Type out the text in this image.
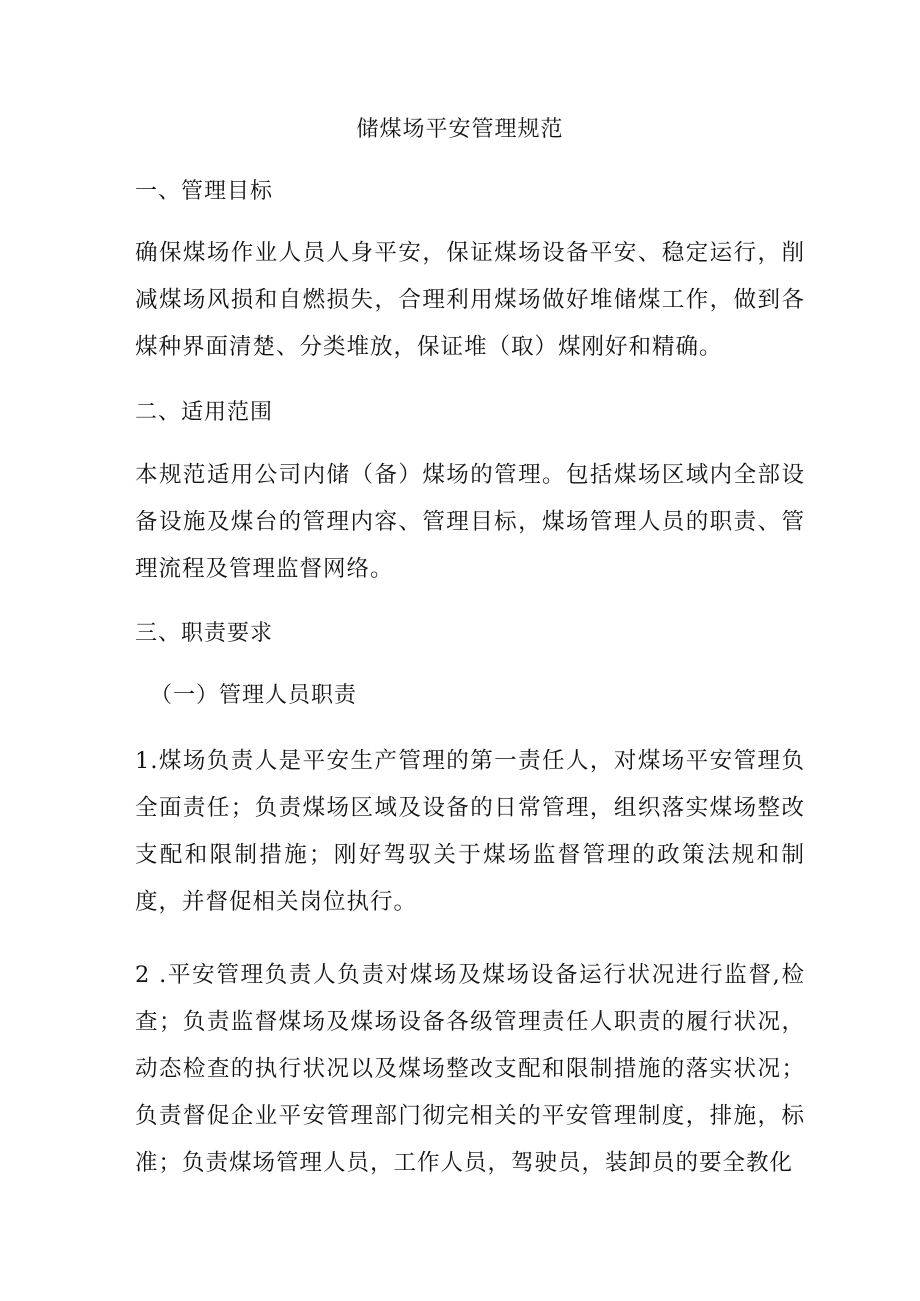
储煤场平安管理规范
一、管理目标
确保煤场作业人员人身平安，保证煤场设备平安、稳定运行，削减煤场风损和自燃损失，合理利用煤场做好堆储煤工作，做到各煤种界面清楚、分类堆放，保证堆（取）煤刚好和精确。
二、适用范围
本规范适用公司内储（备）煤场的管理。包括煤场区域内全部设备设施及煤台的管理内容、管理目标，煤场管理人员的职责、管理流程及管理监督网络。
三、职责要求
（一）管理人员职责
1.煤场负责人是平安生产管理的第一责任人，对煤场平安管理负全面责任；负责煤场区域及设备的日常管理，组织落实煤场整改支配和限制措施；刚好驾驭关于煤场监督管理的政策法规和制度，并督促相关岗位执行。
2 .平安管理负责人负责对煤场及煤场设备运行状况进行监督,检查；负责监督煤场及煤场设备各级管理责任人职责的履行状况，动态检查的执行状况以及煤场整改支配和限制措施的落实状况；负责督促企业平安管理部门彻完相关的平安管理制度，排施，标准；负责煤场管理人员，工作人员，驾驶员，装卸员的要全教化
